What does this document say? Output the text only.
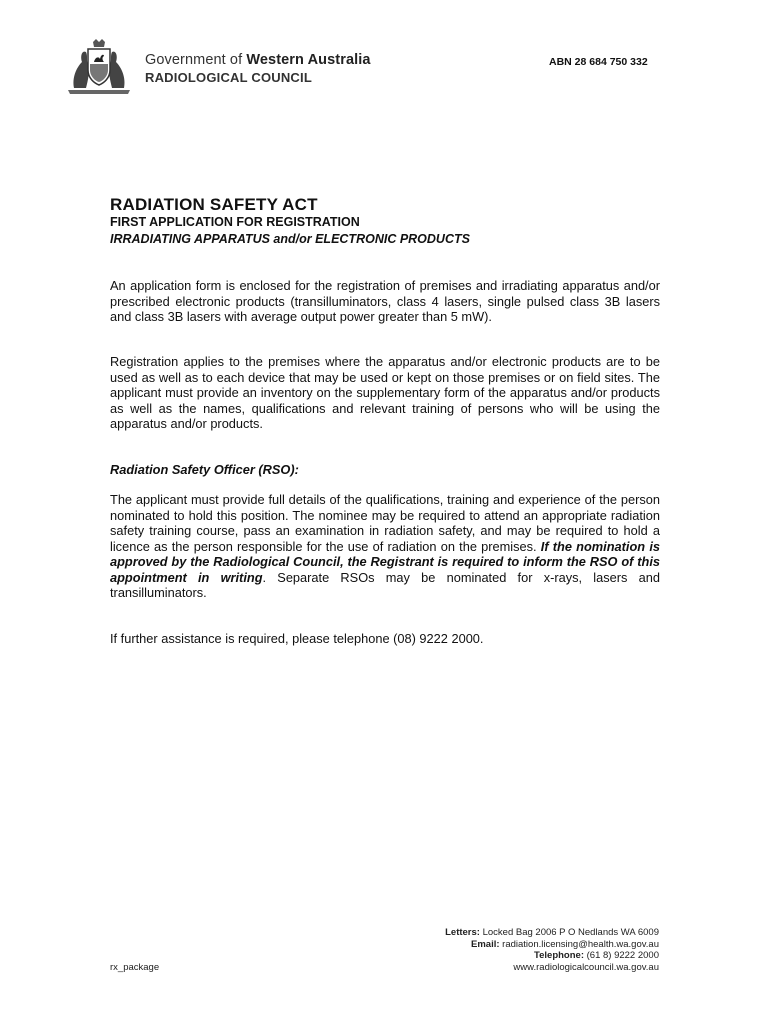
Government of Western Australia
RADIOLOGICAL COUNCIL
ABN 28 684 750 332
RADIATION SAFETY ACT
FIRST APPLICATION FOR REGISTRATION
IRRADIATING APPARATUS and/or ELECTRONIC PRODUCTS
An application form is enclosed for the registration of premises and irradiating apparatus and/or prescribed electronic products (transilluminators, class 4 lasers, single pulsed class 3B lasers and class 3B lasers with average output power greater than 5 mW).
Registration applies to the premises where the apparatus and/or electronic products are to be used as well as to each device that may be used or kept on those premises or on field sites. The applicant must provide an inventory on the supplementary form of the apparatus and/or products as well as the names, qualifications and relevant training of persons who will be using the apparatus and/or products.
Radiation Safety Officer (RSO):
The applicant must provide full details of the qualifications, training and experience of the person nominated to hold this position. The nominee may be required to attend an appropriate radiation safety training course, pass an examination in radiation safety, and may be required to hold a licence as the person responsible for the use of radiation on the premises. If the nomination is approved by the Radiological Council, the Registrant is required to inform the RSO of this appointment in writing. Separate RSOs may be nominated for x-rays, lasers and transilluminators.
If further assistance is required, please telephone (08) 9222 2000.
Letters: Locked Bag 2006 P O Nedlands WA 6009
Email: radiation.licensing@health.wa.gov.au
Telephone: (61 8) 9222 2000
www.radiologicalcouncil.wa.gov.au
rx_package
